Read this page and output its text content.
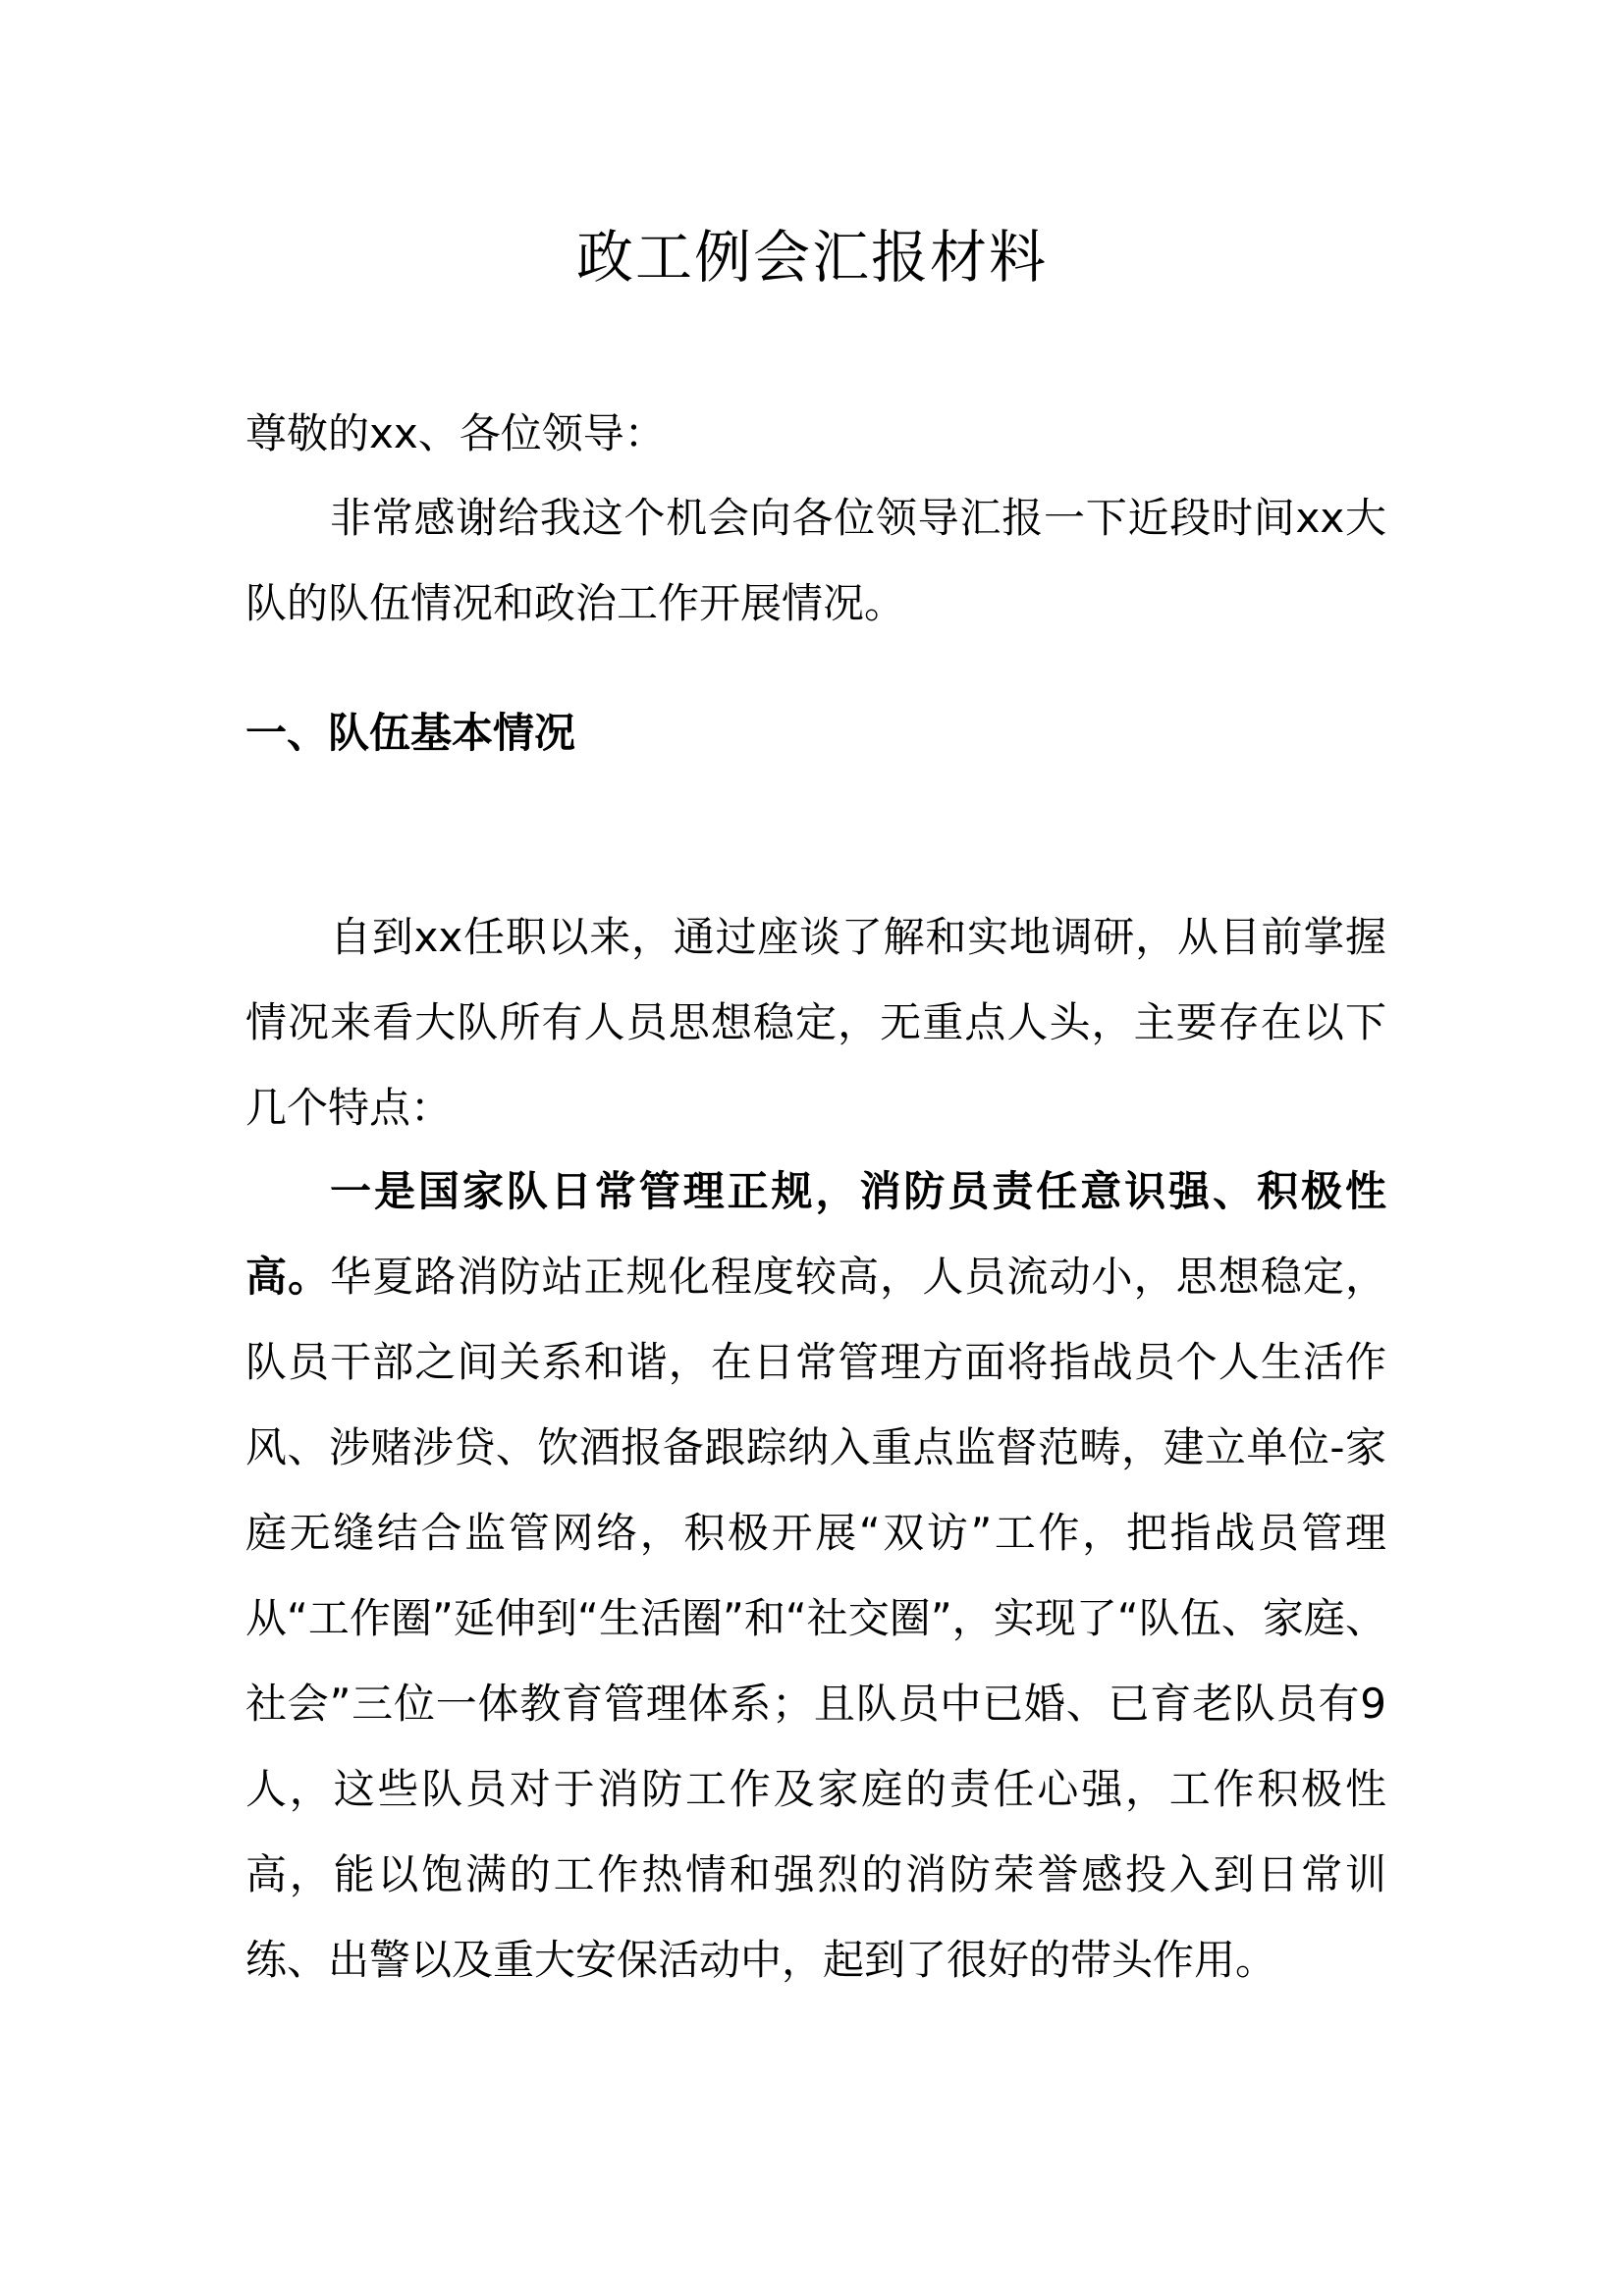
政工例会汇报材料

尊敬的xx、各位领导：

非常感谢给我这个机会向各位领导汇报一下近段时间xx大队的队伍情况和政治工作开展情况。

一、队伍基本情况

自到xx任职以来，通过座谈了解和实地调研，从目前掌握情况来看大队所有人员思想稳定，无重点人头，主要存在以下几个特点：

一是国家队日常管理正规，消防员责任意识强、积极性高。华夏路消防站正规化程度较高，人员流动小，思想稳定，队员干部之间关系和谐，在日常管理方面将指战员个人生活作风、涉赌涉贷、饮酒报备跟踪纳入重点监督范畴，建立单位-家庭无缝结合监管网络，积极开展“双访”工作，把指战员管理从“工作圈”延伸到“生活圈”和“社交圈”，实现了“队伍、家庭、社会”三位一体教育管理体系；且队员中已婚、已育老队员有9人，这些队员对于消防工作及家庭的责任心强，工作积极性高，能以饱满的工作热情和强烈的消防荣誉感投入到日常训练、出警以及重大安保活动中，起到了很好的带头作用。
